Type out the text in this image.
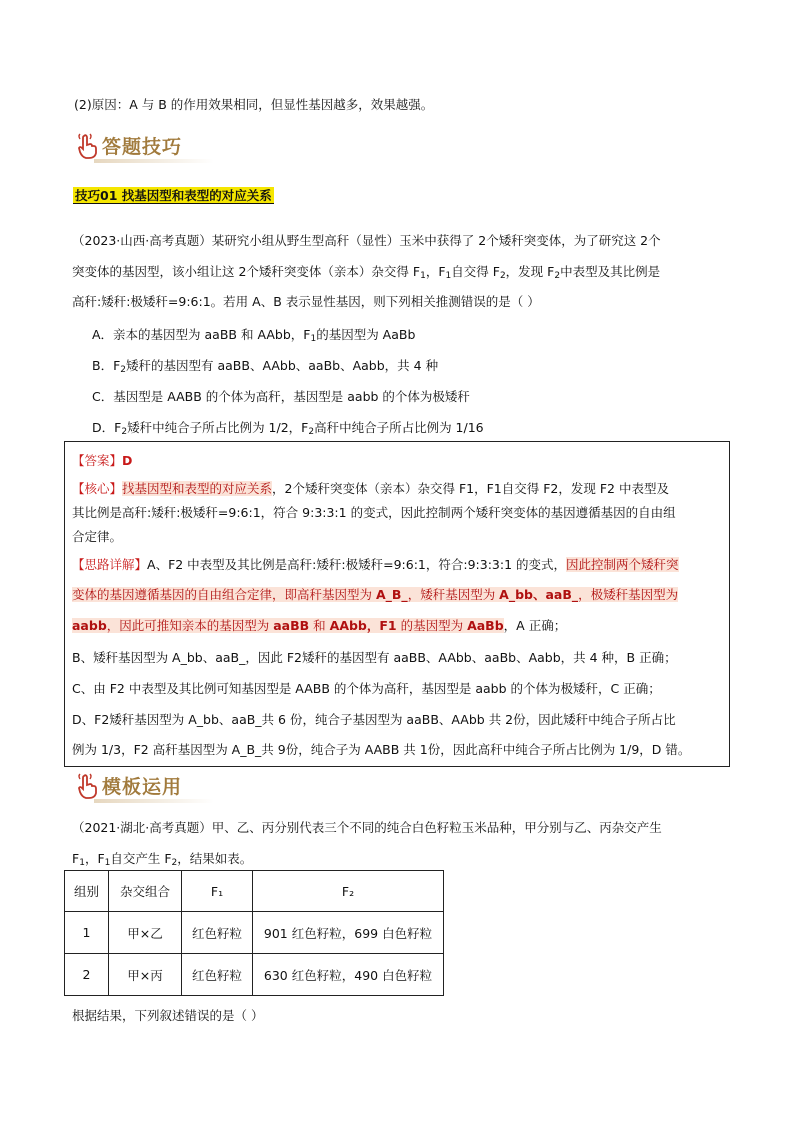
(2)原因：A 与 B 的作用效果相同，但显性基因越多，效果越强。
答题技巧
技巧01 找基因型和表型的对应关系
（2023·山西·高考真题）某研究小组从野生型高秆（显性）玉米中获得了 2个矮秆突变体，为了研究这 2个
突变体的基因型，该小组让这 2个矮秆突变体（亲本）杂交得 $F_1$，$F_1$自交得 $F_2$，发现 $F_2$中表型及其比例是
高秆:矮秆:极矮秆=9:6:1。若用 A、B 表示显性基因，则下列相关推测错误的是（ ）
A．亲本的基因型为 aaBB 和 AAbb，$F_1$的基因型为 AaBb
B．$F_2$矮秆的基因型有 aaBB、AAbb、aaBb、Aabb，共 4 种
C．基因型是 AABB 的个体为高秆，基因型是 aabb 的个体为极矮秆
D．$F_2$矮秆中纯合子所占比例为 1/2，$F_2$高秆中纯合子所占比例为 1/16
【答案】D
【核心】找基因型和表型的对应关系，2个矮秆突变体（亲本）杂交得 F1，F1自交得 F2，发现 F2 中表型及
其比例是高秆:矮秆:极矮秆=9:6:1，符合 9:3:3:1 的变式，因此控制两个矮秆突变体的基因遵循基因的自由组
合定律。
【思路详解】A、F2 中表型及其比例是高秆:矮秆:极矮秆=9:6:1，符合:9:3:3:1 的变式，因此控制两个矮秆突
变体的基因遵循基因的自由组合定律，即高秆基因型为 A_B_，矮秆基因型为 A_bb、aaB_，极矮秆基因型为
aabb，因此可推知亲本的基因型为 aaBB 和 AAbb，F1 的基因型为 AaBb，A 正确；
B、矮秆基因型为 A_bb、aaB_，因此 F2矮秆的基因型有 aaBB、AAbb、aaBb、Aabb，共 4 种，B 正确；
C、由 F2 中表型及其比例可知基因型是 AABB 的个体为高秆，基因型是 aabb 的个体为极矮秆，C 正确；
D、F2矮秆基因型为 A_bb、aaB_共 6 份，纯合子基因型为 aaBB、AAbb 共 2份，因此矮秆中纯合子所占比
例为 1/3，F2 高秆基因型为 A_B_共 9份，纯合子为 AABB 共 1份，因此高秆中纯合子所占比例为 1/9，D 错。
模板运用
（2021·湖北·高考真题）甲、乙、丙分别代表三个不同的纯合白色籽粒玉米品种，甲分别与乙、丙杂交产生
$F_1$，$F_1$自交产生 $F_2$，结果如表。
组别	杂交组合	F₁	F₂
1	甲×乙	红色籽粒	901 红色籽粒，699 白色籽粒
2	甲×丙	红色籽粒	630 红色籽粒，490 白色籽粒
根据结果，下列叙述错误的是（ ）
